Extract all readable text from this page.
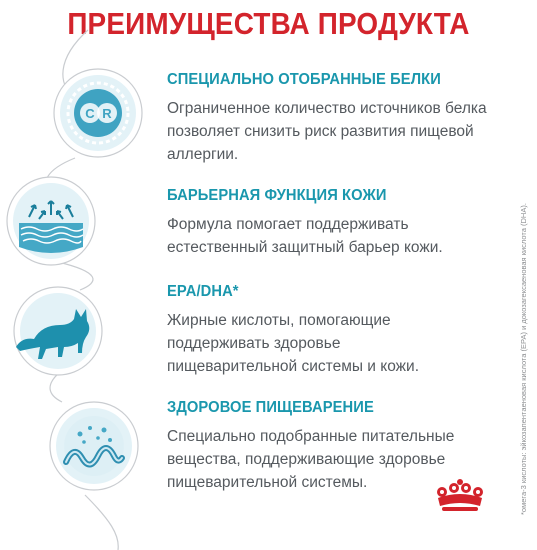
ПРЕИМУЩЕСТВА ПРОДУКТА
C R
СПЕЦИАЛЬНО ОТОБРАННЫЕ БЕЛКИ
Ограниченное количество источников белка позволяет снизить риск развития пищевой аллергии.
БАРЬЕРНАЯ ФУНКЦИЯ КОЖИ
Формула помогает поддерживать естественный защитный барьер кожи.
EPA/DHA*
Жирные кислоты, помогающие поддерживать здоровье пищеварительной системы и кожи.
ЗДОРОВОЕ ПИЩЕВАРЕНИЕ
Специально подобранные питательные вещества, поддерживающие здоровье пищеварительной системы.	*омега-3 кислоты: эйкозапентаеновая кислота (EPA) и докозагексаеновая кислота (DHA).
